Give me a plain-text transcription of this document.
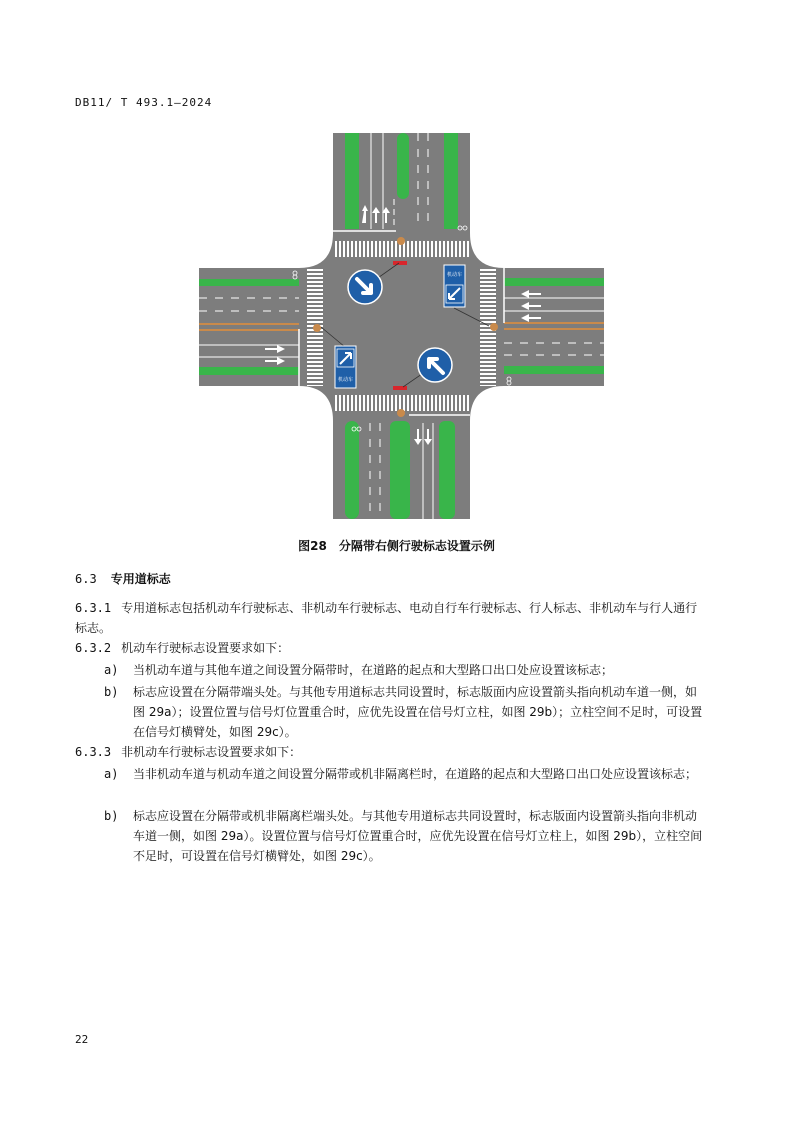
DB11/ T 493.1—2024
机动车
机动车
图28　分隔带右侧行驶标志设置示例
6.3 专用道标志
6.3.1 专用道标志包括机动车行驶标志、非机动车行驶标志、电动自行车行驶标志、行人标志、非机动车与行人通行标志。
6.3.2 机动车行驶标志设置要求如下：
a) 当机动车道与其他车道之间设置分隔带时，在道路的起点和大型路口出口处应设置该标志；
b) 标志应设置在分隔带端头处。与其他专用道标志共同设置时，标志版面内应设置箭头指向机动车道一侧，如图 29a）；设置位置与信号灯位置重合时，应优先设置在信号灯立柱，如图 29b）；立柱空间不足时，可设置在信号灯横臂处，如图 29c）。
6.3.3 非机动车行驶标志设置要求如下：
a) 当非机动车道与机动车道之间设置分隔带或机非隔离栏时，在道路的起点和大型路口出口处应设置该标志；
b) 标志应设置在分隔带或机非隔离栏端头处。与其他专用道标志共同设置时，标志版面内设置箭头指向非机动车道一侧，如图 29a）。设置位置与信号灯位置重合时，应优先设置在信号灯立柱上，如图 29b），立柱空间不足时，可设置在信号灯横臂处，如图 29c）。
22
